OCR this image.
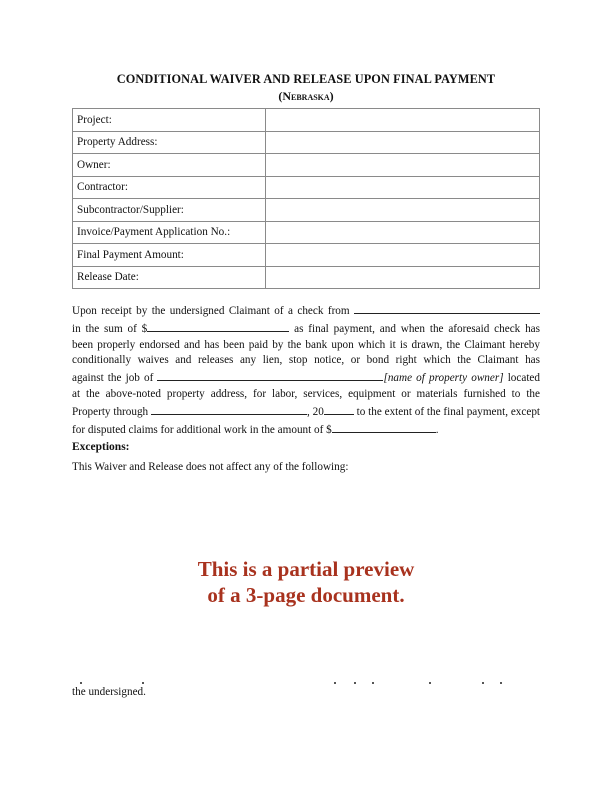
CONDITIONAL WAIVER AND RELEASE UPON FINAL PAYMENT
(Nebraska)
Project:	
Property Address:	
Owner:	
Contractor:	
Subcontractor/Supplier:	
Invoice/Payment Application No.:	
Final Payment Amount:	
Release Date:	
Upon receipt by the undersigned Claimant of a check from
in the sum of $	as final payment, and when the aforesaid check has
been properly endorsed and has been paid by the bank upon which it is drawn, the Claimant hereby
conditionally waives and releases any lien, stop notice, or bond right which the Claimant has
against the job of	[name of property owner] located
at the above-noted property address, for labor, services, equipment or materials furnished to the
Property through	, 20	to the extent of the final payment, except
for disputed claims for additional work in the amount of $	.
Exceptions:
This Waiver and Release does not affect any of the following:
This is a partial preview
of a 3-page document.
the undersigned.
